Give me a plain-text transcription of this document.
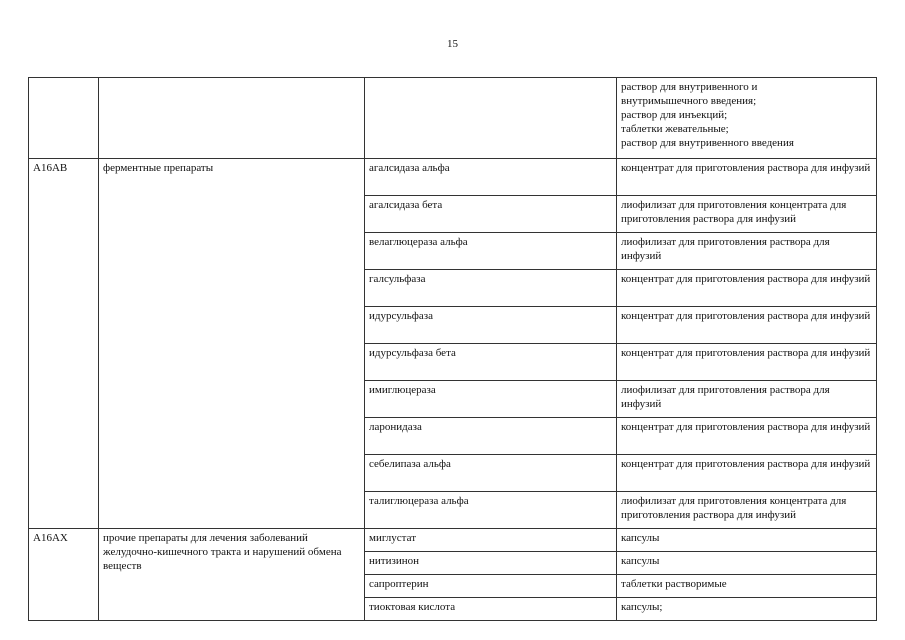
15

			раствор для внутривенного и
внутримышечного введения;
раствор для инъекций;
таблетки жевательные;
раствор для внутривенного введения

A16AB	ферментные препараты	агалсидаза альфа	концентрат для приготовления раствора для инфузий
		агалсидаза бета	лиофилизат для приготовления концентрата для приготовления раствора для инфузий
		велаглюцераза альфа	лиофилизат для приготовления раствора для инфузий
		галсульфаза	концентрат для приготовления раствора для инфузий
		идурсульфаза	концентрат для приготовления раствора для инфузий
		идурсульфаза бета	концентрат для приготовления раствора для инфузий
		имиглюцераза	лиофилизат для приготовления раствора для инфузий
		ларонидаза	концентрат для приготовления раствора для инфузий
		себелипаза альфа	концентрат для приготовления раствора для инфузий
		талиглюцераза альфа	лиофилизат для приготовления концентрата для приготовления раствора для инфузий
A16AX	прочие препараты для лечения заболеваний желудочно-кишечного тракта и нарушений обмена веществ	миглустат	капсулы
		нитизинон	капсулы
		сапроптерин	таблетки растворимые
		тиоктовая кислота	капсулы;
